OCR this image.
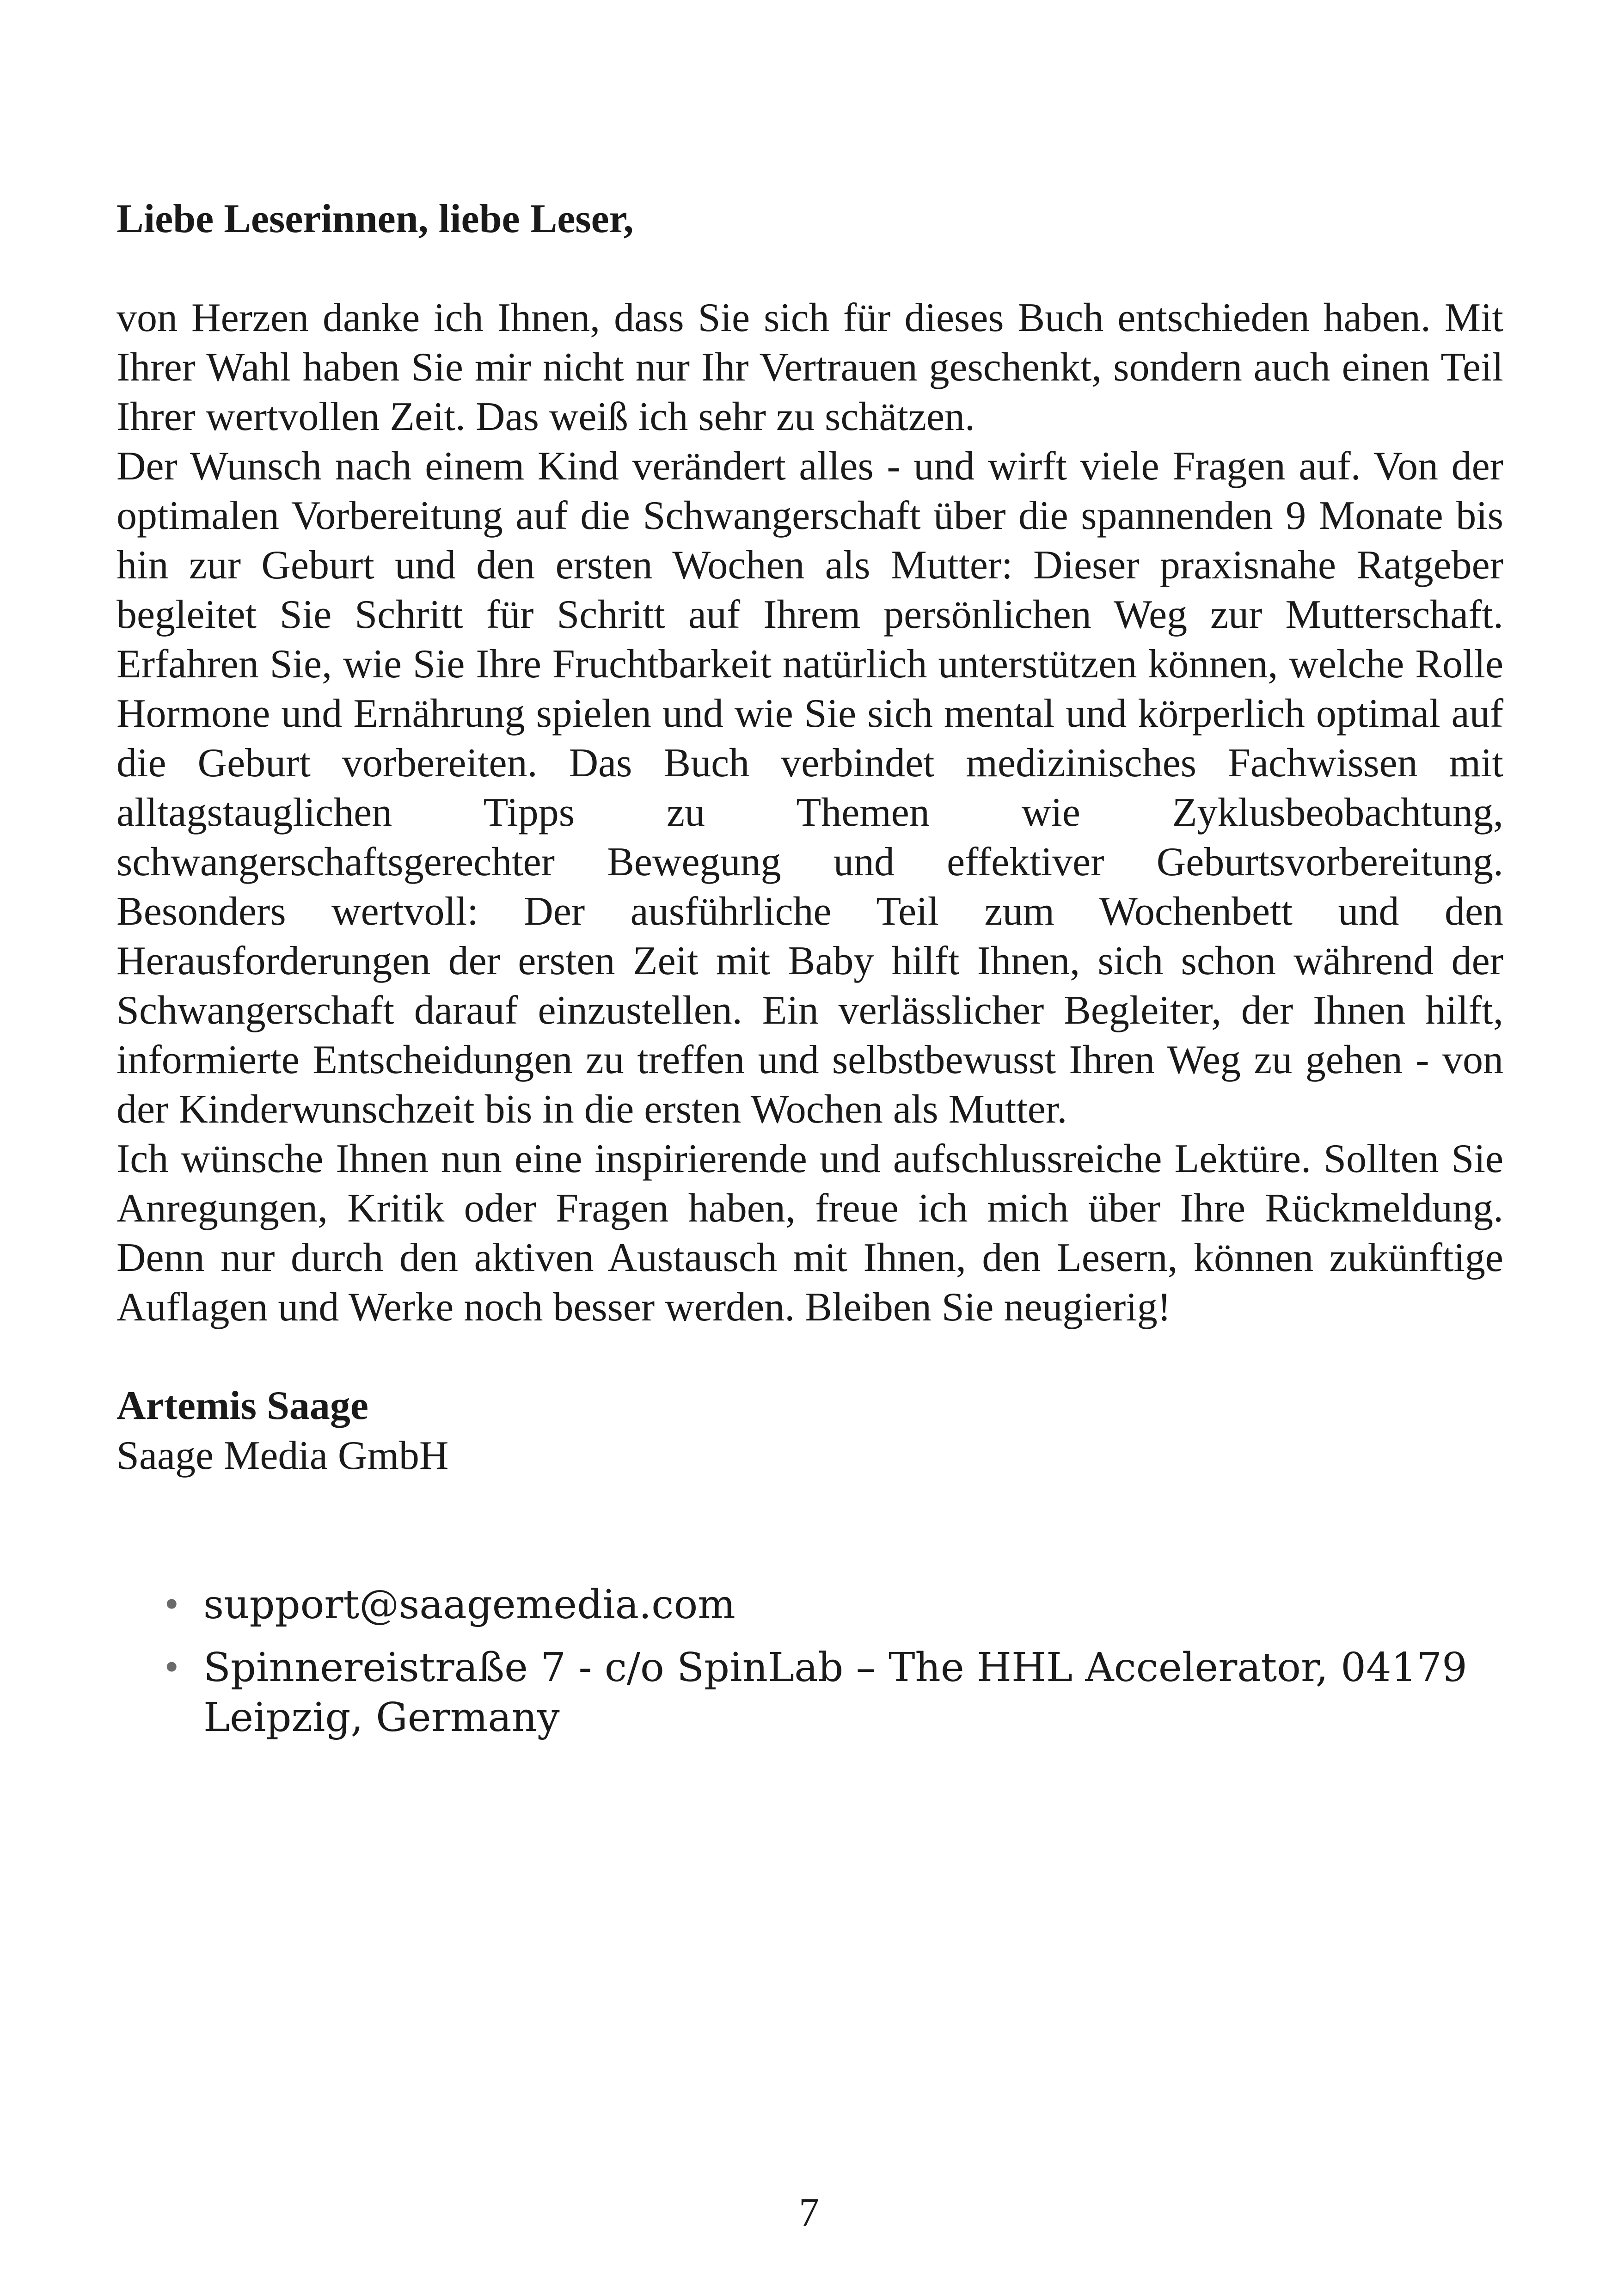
Liebe Leserinnen, liebe Leser,

von Herzen danke ich Ihnen, dass Sie sich für dieses Buch entschieden haben. Mit Ihrer Wahl haben Sie mir nicht nur Ihr Vertrauen geschenkt, sondern auch einen Teil Ihrer wertvollen Zeit. Das weiß ich sehr zu schätzen.

Der Wunsch nach einem Kind verändert alles - und wirft viele Fragen auf. Von der optimalen Vorbereitung auf die Schwangerschaft über die spannenden 9 Monate bis hin zur Geburt und den ersten Wochen als Mutter: Dieser praxisnahe Ratgeber begleitet Sie Schritt für Schritt auf Ihrem persönlichen Weg zur Mutterschaft. Erfahren Sie, wie Sie Ihre Fruchtbarkeit natürlich unterstützen können, welche Rolle Hormone und Ernährung spielen und wie Sie sich mental und körperlich optimal auf die Geburt vorbereiten. Das Buch verbindet medizinisches Fachwissen mit alltagstauglichen Tipps zu Themen wie Zyklusbeobachtung, schwangerschaftsgerechter Bewegung und effektiver Geburtsvorbereitung. Besonders wertvoll: Der ausführliche Teil zum Wochenbett und den Herausforderungen der ersten Zeit mit Baby hilft Ihnen, sich schon während der Schwangerschaft darauf einzustellen. Ein verlässlicher Begleiter, der Ihnen hilft, informierte Entscheidungen zu treffen und selbstbewusst Ihren Weg zu gehen - von der Kinderwunschzeit bis in die ersten Wochen als Mutter.

Ich wünsche Ihnen nun eine inspirierende und aufschlussreiche Lektüre. Sollten Sie Anregungen, Kritik oder Fragen haben, freue ich mich über Ihre Rückmeldung. Denn nur durch den aktiven Austausch mit Ihnen, den Lesern, können zukünftige Auflagen und Werke noch besser werden. Bleiben Sie neugierig!

Artemis Saage
Saage Media GmbH
• support@saagemedia.com
• Spinnereistraße 7 - c/o SpinLab – The HHL Accelerator, 04179 Leipzig, Germany
7
